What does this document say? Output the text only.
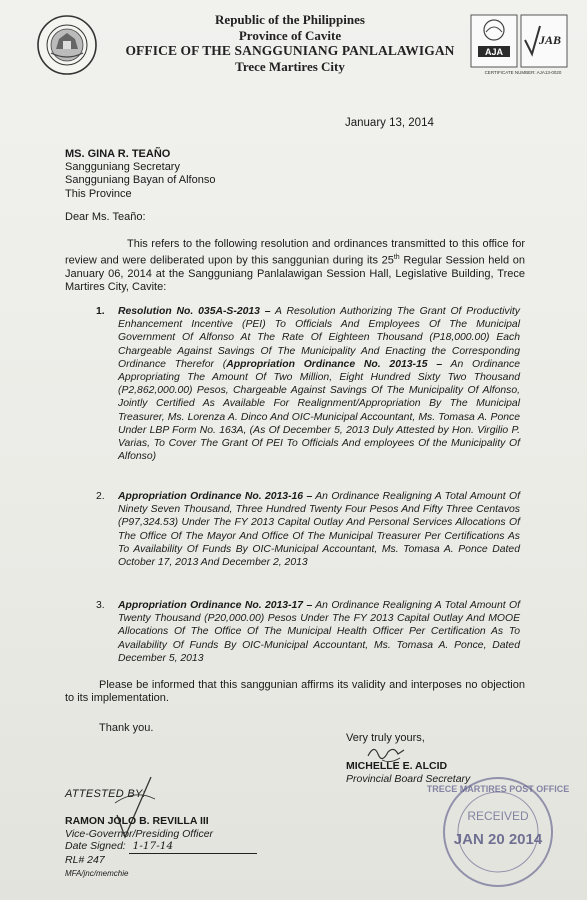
Republic of the Philippines
Province of Cavite
OFFICE OF THE SANGGUNIANG PANLALAWIGAN
Trece Martires City
AJA
JAB
CERTIFICATE NUMBER: AJA13-0020
January 13, 2014
MS. GINA R. TEAÑO
Sangguniang Secretary
Sangguniang Bayan of Alfonso
This Province
Dear Ms. Teaño:
This refers to the following resolution and ordinances transmitted to this office for review and were deliberated upon by this sanggunian during its 25th Regular Session held on January 06, 2014 at the Sangguniang Panlalawigan Session Hall, Legislative Building, Trece Martires City, Cavite:
1.	Resolution No. 035A-S-2013 – A Resolution Authorizing The Grant Of Productivity Enhancement Incentive (PEI) To Officials And Employees Of The Municipal Government Of Alfonso At The Rate Of Eighteen Thousand (P18,000.00) Each Chargeable Against Savings Of The Municipality And Enacting the Corresponding Ordinance Therefor (Appropriation Ordinance No. 2013-15 – An Ordinance Appropriating The Amount Of Two Million, Eight Hundred Sixty Two Thousand (P2,862,000.00) Pesos, Chargeable Against Savings Of The Municipality Of Alfonso, Jointly Certified As Available For Realignment/Appropriation By The Municipal Treasurer, Ms. Lorenza A. Dinco And OIC-Municipal Accountant, Ms. Tomasa A. Ponce Under LBP Form No. 163A, (As Of December 5, 2013 Duly Attested by Hon. Virgilio P. Varias, To Cover The Grant Of PEI To Officials And employees Of the Municipality Of Alfonso)
2.	Appropriation Ordinance No. 2013-16 – An Ordinance Realigning A Total Amount Of Ninety Seven Thousand, Three Hundred Twenty Four Pesos And Fifty Three Centavos (P97,324.53) Under The FY 2013 Capital Outlay And Personal Services Allocations Of The Office Of The Mayor And Office Of The Municipal Treasurer Per Certifications As To Availability Of Funds By OIC-Municipal Accountant, Ms. Tomasa A. Ponce Dated October 17, 2013 And December 2, 2013
3.	Appropriation Ordinance No. 2013-17 – An Ordinance Realigning A Total Amount Of Twenty Thousand (P20,000.00) Pesos Under The FY 2013 Capital Outlay And MOOE Allocations Of The Office Of The Municipal Health Officer Per Certification As To Availability Of Funds By OIC-Municipal Accountant, Ms. Tomasa A. Ponce, Dated December 5, 2013
Please be informed that this sanggunian affirms its validity and interposes no objection to its implementation.
Thank you.
Very truly yours,
MICHELLE E. ALCID
Provincial Board Secretary
ATTESTED BY:
RAMON JOLO B. REVILLA III
Vice-Governor/Presiding Officer
Date Signed: 1-17-14
RL# 247
MFA/jnc/memchie
TRECE MARTIRES POST OFFICE
RECEIVED
JAN 20 2014
